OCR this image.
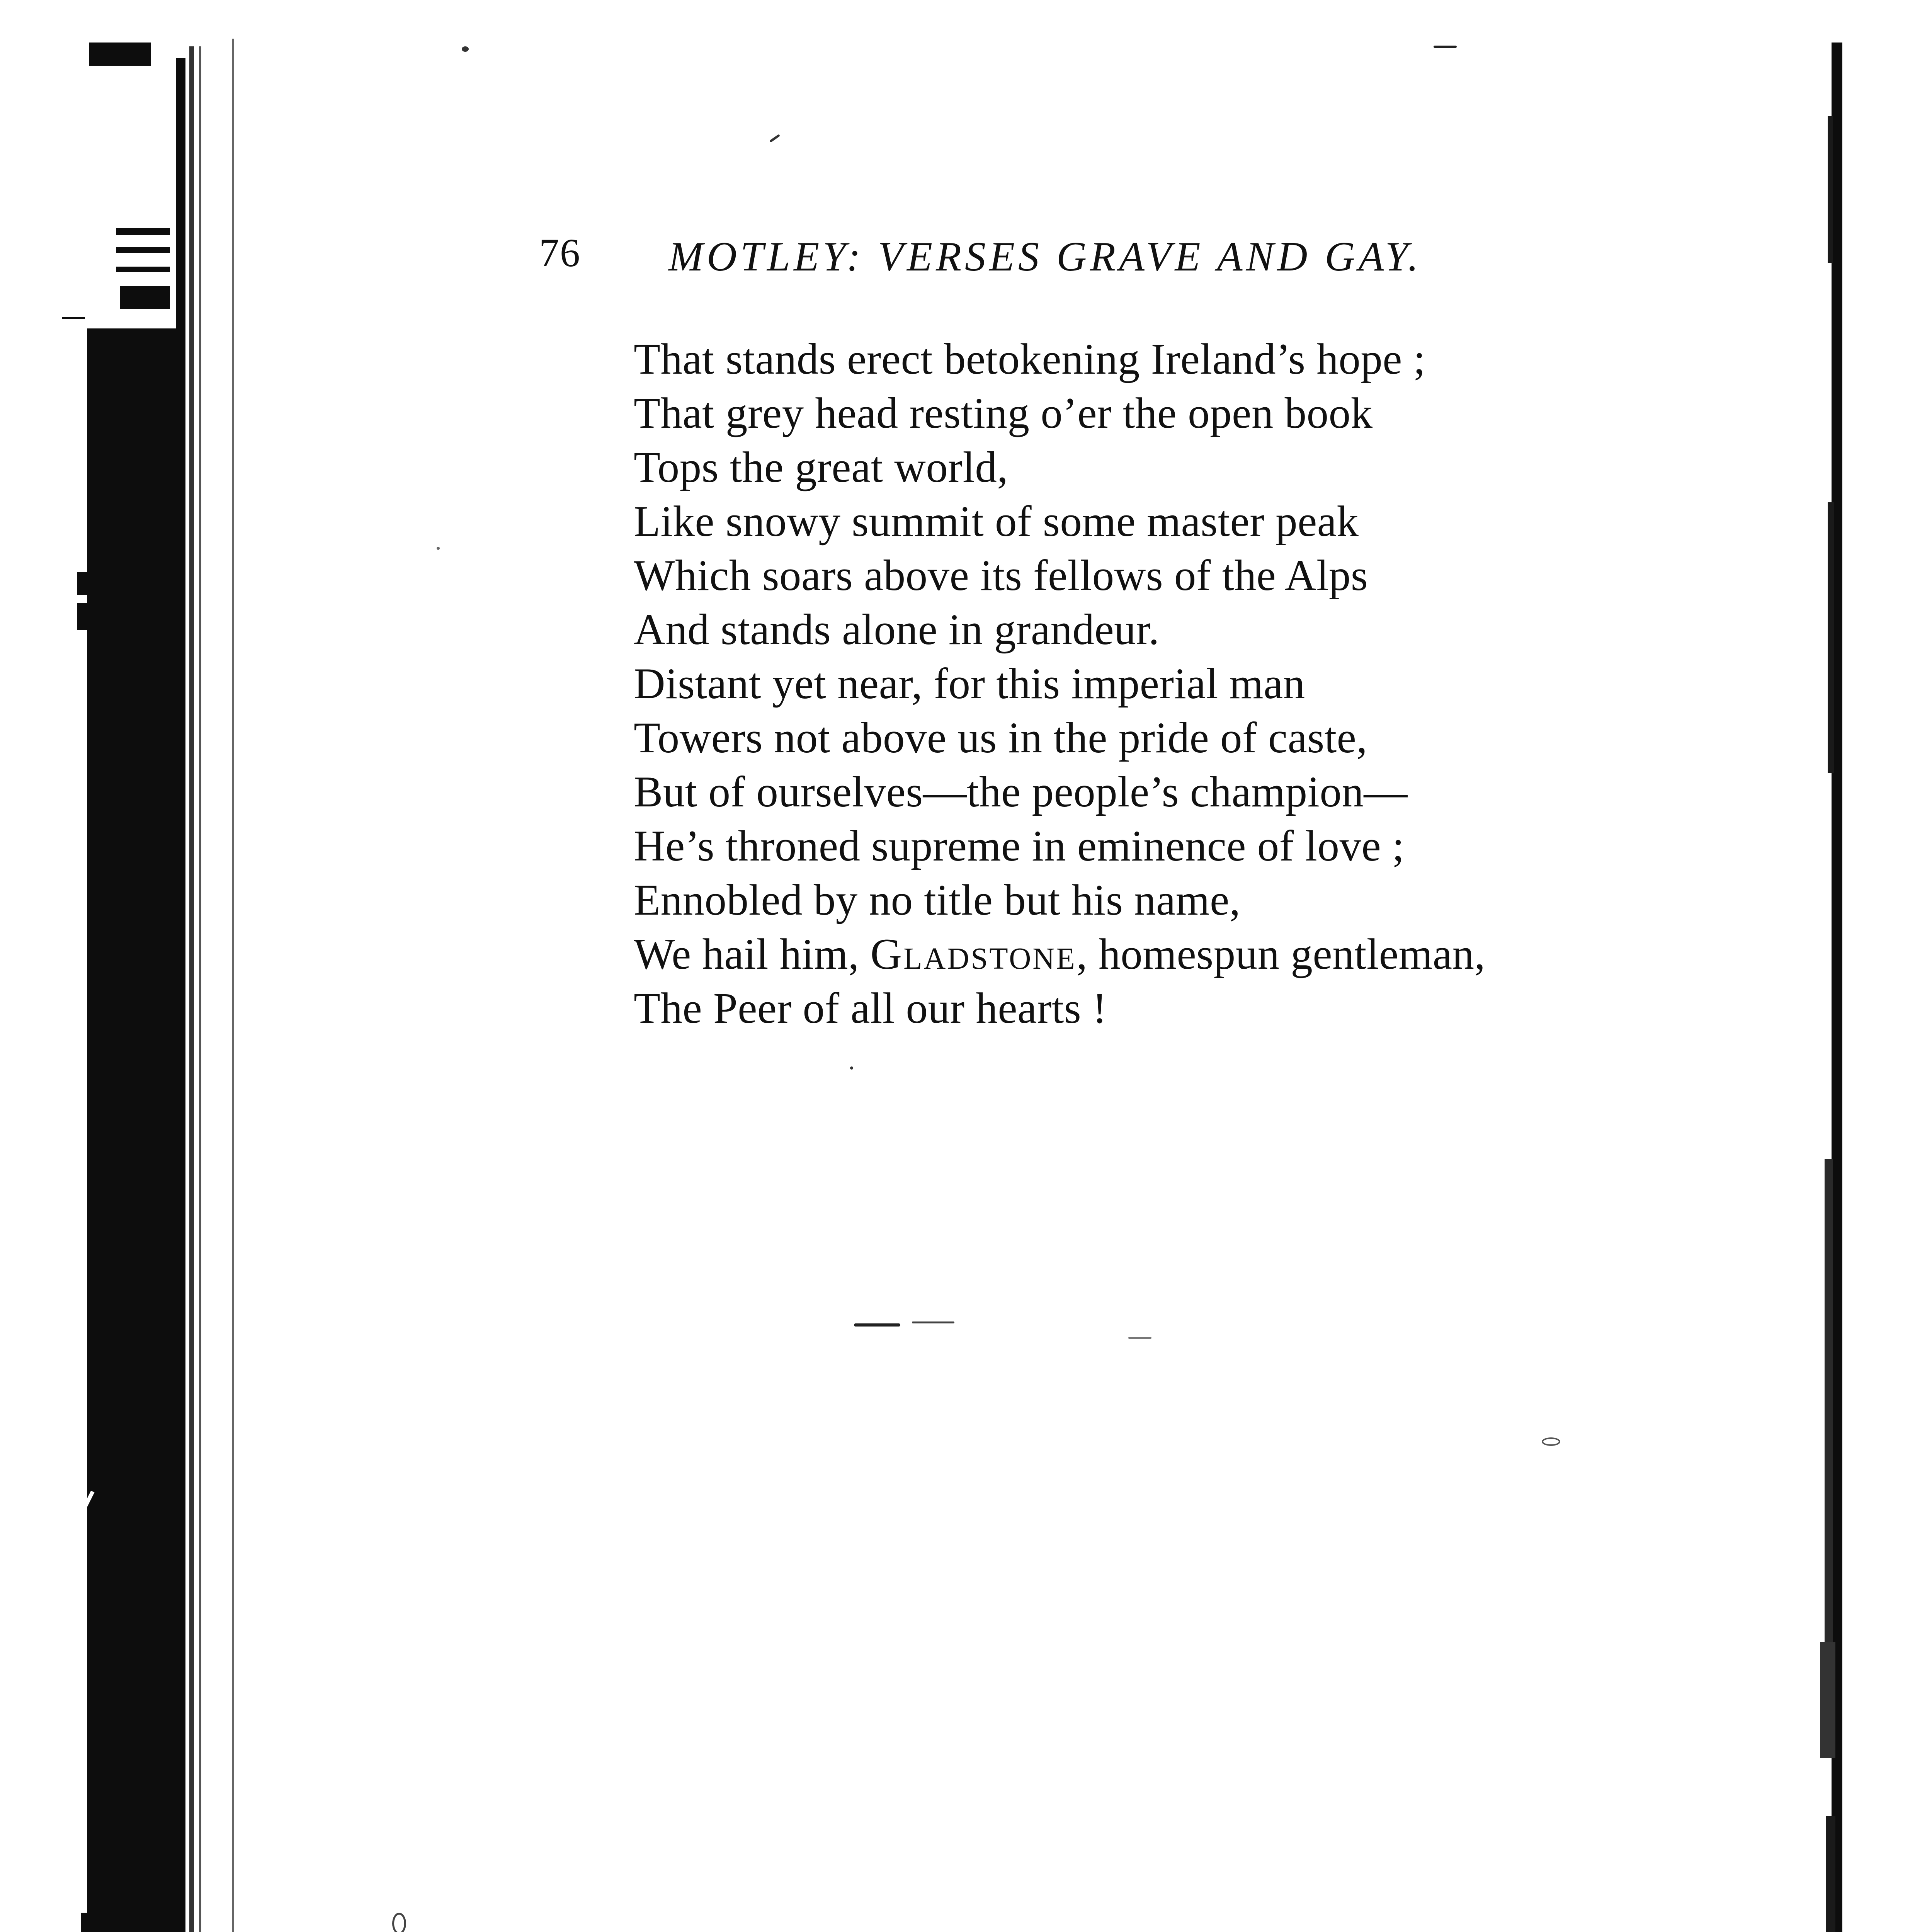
76 MOTLEY: VERSES GRAVE AND GAY.
That stands erect betokening Ireland’s hope ;
That grey head resting o’er the open book
Tops the great world,
Like snowy summit of some master peak
Which soars above its fellows of the Alps
And stands alone in grandeur.
Distant yet near, for this imperial man
Towers not above us in the pride of caste,
But of ourselves—the people’s champion—
He’s throned supreme in eminence of love ;
Ennobled by no title but his name,
We hail him, Gladstone, homespun gentleman,
The Peer of all our hearts !
